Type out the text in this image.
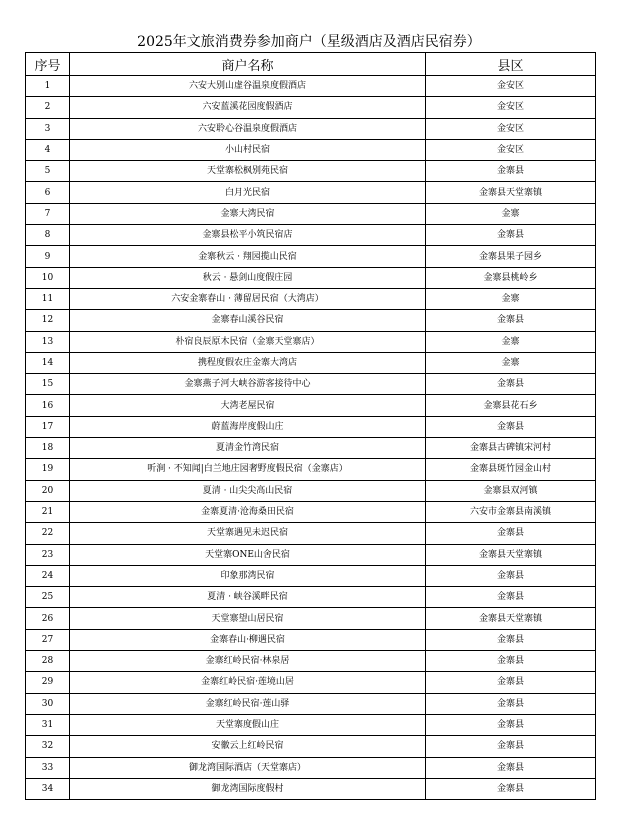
2025年文旅消费券参加商户（星级酒店及酒店民宿券）
序号	商户名称	县区
1	六安大别山虚谷温泉度假酒店	金安区
2	六安蓝溪花园度假酒店	金安区
3	六安聆心谷温泉度假酒店	金安区
4	小山村民宿	金安区
5	天堂寨松枫别苑民宿	金寨县
6	白月光民宿	金寨县天堂寨镇
7	金寨大湾民宿	金寨
8	金寨县松平小筑民宿店	金寨县
9	金寨秋云 · 翔园揽山民宿	金寨县果子园乡
10	秋云 · 悬剑山度假庄园	金寨县桃岭乡
11	六安金寨春山 · 薄留居民宿（大湾店）	金寨
12	金寨春山溪谷民宿	金寨县
13	朴宿良辰原木民宿（金寨天堂寨店）	金寨
14	携程度假农庄金寨大湾店	金寨
15	金寨燕子河大峡谷游客接待中心	金寨县
16	大湾老屋民宿	金寨县花石乡
17	蔚蓝海岸度假山庄	金寨县
18	夏清金竹湾民宿	金寨县古碑镇宋河村
19	听涧 · 不知闻|白兰地庄园奢野度假民宿（金寨店）	金寨县斑竹园金山村
20	夏清 · 山尖尖高山民宿	金寨县双河镇
21	金寨夏清·沧海桑田民宿	六安市金寨县南溪镇
22	天堂寨遇见未迟民宿	金寨县
23	天堂寨ONE山舍民宿	金寨县天堂寨镇
24	印象那湾民宿	金寨县
25	夏清 · 峡谷溪畔民宿	金寨县
26	天堂寨望山居民宿	金寨县天堂寨镇
27	金寨春山·柳遇民宿	金寨县
28	金寨红岭民宿·林泉居	金寨县
29	金寨红岭民宿·莲境山居	金寨县
30	金寨红岭民宿·莲山驿	金寨县
31	天堂寨度假山庄	金寨县
32	安徽云上红岭民宿	金寨县
33	御龙湾国际酒店（天堂寨店）	金寨县
34	御龙湾国际度假村	金寨县
